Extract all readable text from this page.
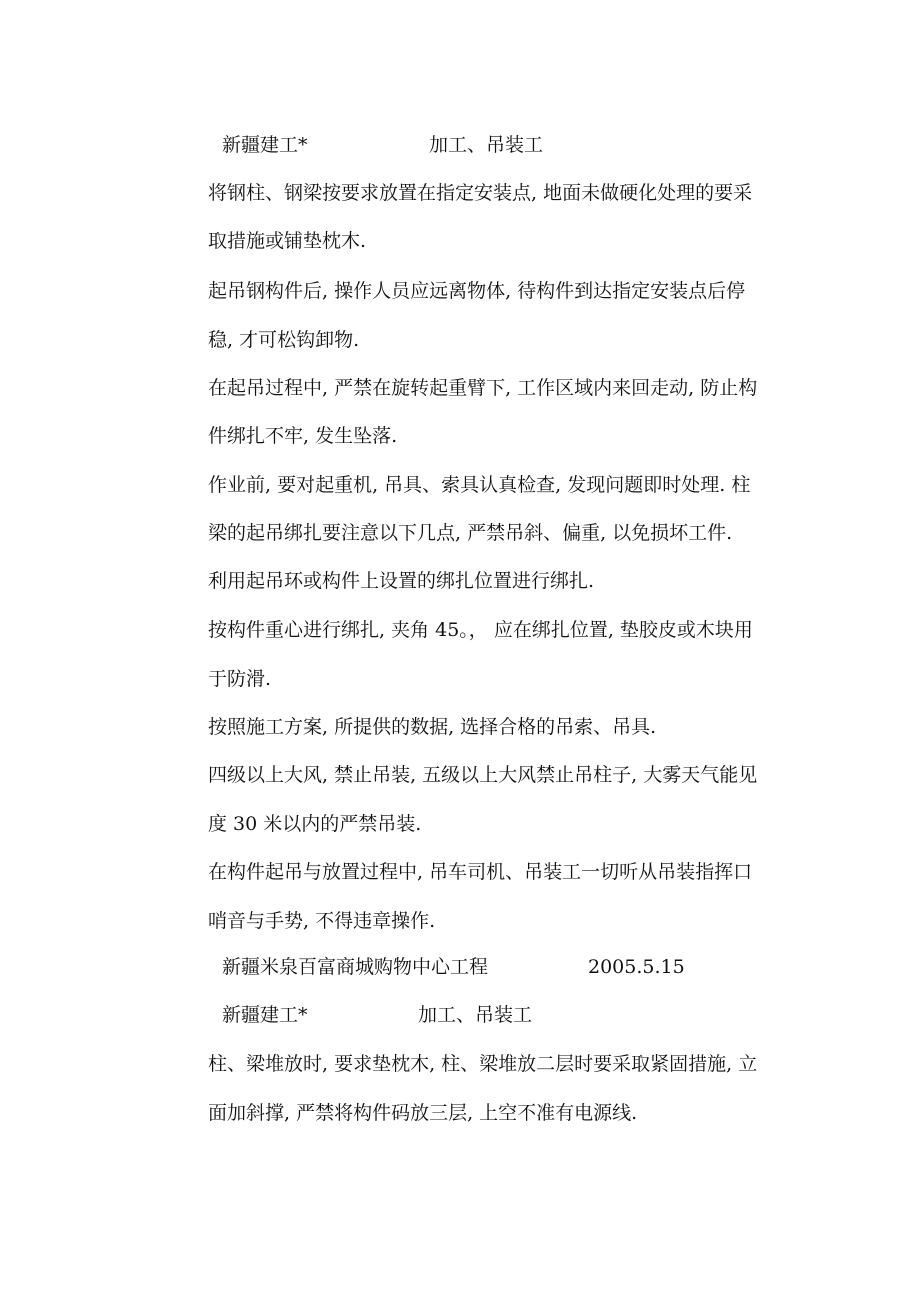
新疆建工*	加工、吊装工
将钢柱、钢梁按要求放置在指定安装点, 地面未做硬化处理的要采
取措施或铺垫枕木.
起吊钢构件后, 操作人员应远离物体, 待构件到达指定安装点后停
稳, 才可松钩卸物.
在起吊过程中, 严禁在旋转起重臂下, 工作区域内来回走动, 防止构
件绑扎不牢, 发生坠落.
作业前, 要对起重机, 吊具、索具认真检查, 发现问题即时处理. 柱
梁的起吊绑扎要注意以下几点, 严禁吊斜、偏重, 以免损坏工件.
利用起吊环或构件上设置的绑扎位置进行绑扎.
按构件重心进行绑扎, 夹角 45。， 应在绑扎位置, 垫胶皮或木块用
于防滑.
按照施工方案, 所提供的数据, 选择合格的吊索、吊具.
四级以上大风, 禁止吊装, 五级以上大风禁止吊柱子, 大雾天气能见
度 30 米以内的严禁吊装.
在构件起吊与放置过程中, 吊车司机、吊装工一切听从吊装指挥口
哨音与手势, 不得违章操作.
新疆米泉百富商城购物中心工程	2005.5.15
新疆建工*	加工、吊装工
柱、梁堆放时, 要求垫枕木, 柱、梁堆放二层时要采取紧固措施, 立
面加斜撑, 严禁将构件码放三层, 上空不准有电源线.
